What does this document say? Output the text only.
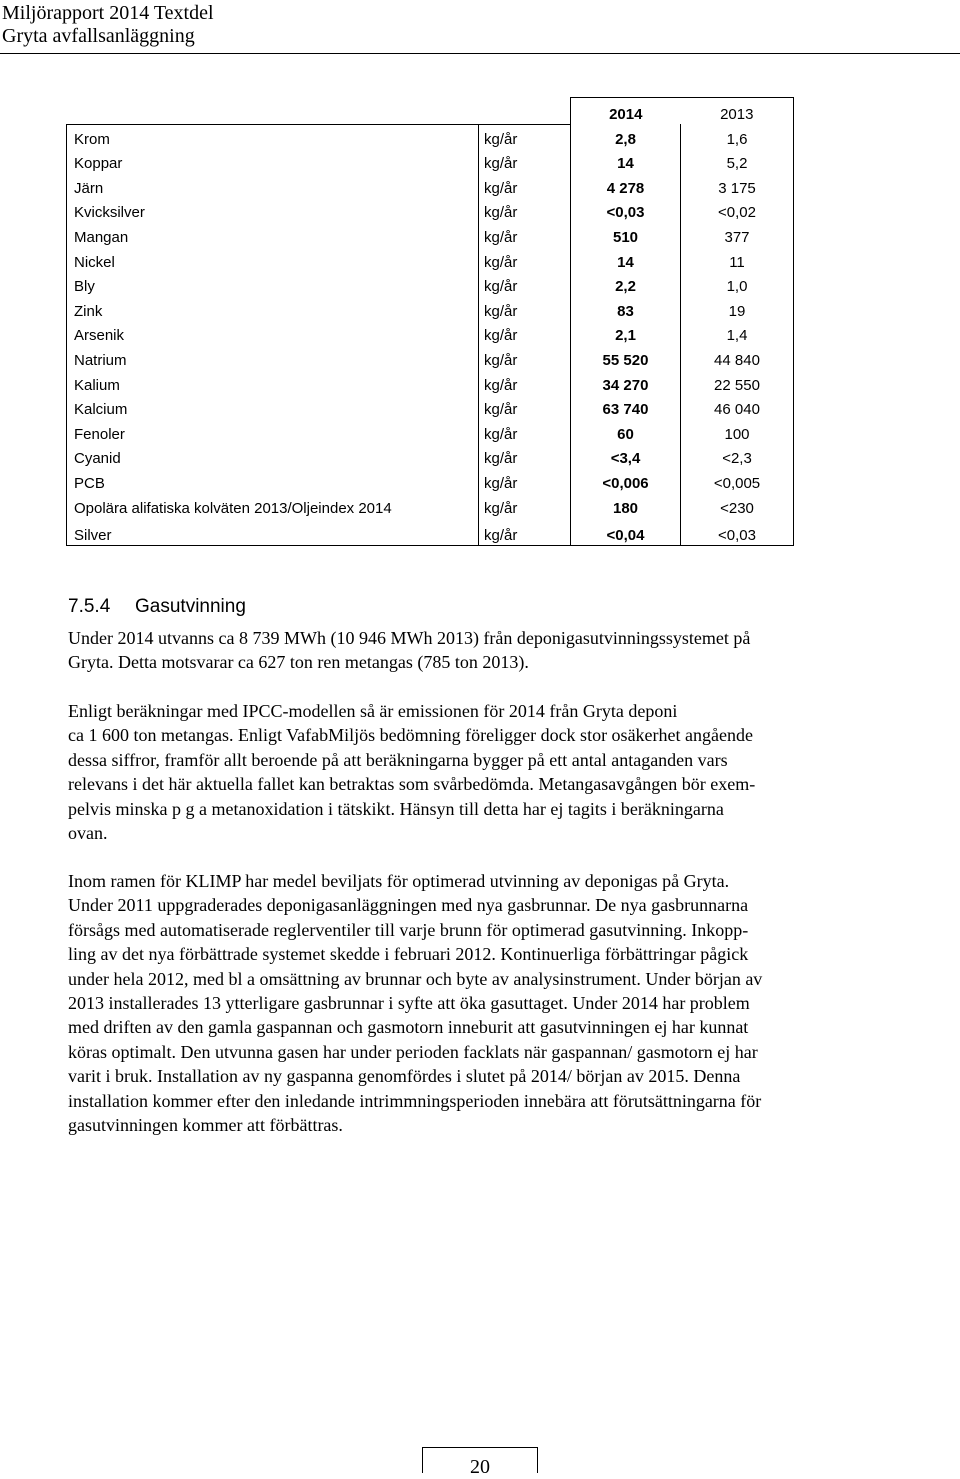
Miljörapport 2014 Textdel
Gryta avfallsanläggning
		2014	2013
Krom	kg/år	2,8	1,6
Koppar	kg/år	14	5,2
Järn	kg/år	4 278	3 175
Kvicksilver	kg/år	<0,03	<0,02
Mangan	kg/år	510	377
Nickel	kg/år	14	11
Bly	kg/år	2,2	1,0
Zink	kg/år	83	19
Arsenik	kg/år	2,1	1,4
Natrium	kg/år	55 520	44 840
Kalium	kg/år	34 270	22 550
Kalcium	kg/år	63 740	46 040
Fenoler	kg/år	60	100
Cyanid	kg/år	<3,4	<2,3
PCB	kg/år	<0,006	<0,005
Opolära alifatiska kolväten 2013/Oljeindex 2014	kg/år	180	<230
Silver	kg/år	<0,04	<0,03
7.5.4 Gasutvinning
Under 2014 utvanns ca 8 739 MWh (10 946 MWh 2013) från deponigasutvinningssystemet på
Gryta. Detta motsvarar ca 627 ton ren metangas (785 ton 2013).
Enligt beräkningar med IPCC-modellen så är emissionen för 2014 från Gryta deponi
ca 1 600 ton metangas. Enligt VafabMiljös bedömning föreligger dock stor osäkerhet angående
dessa siffror, framför allt beroende på att beräkningarna bygger på ett antal antaganden vars
relevans i det här aktuella fallet kan betraktas som svårbedömda. Metangasavgången bör exem-
pelvis minska p g a metanoxidation i tätskikt. Hänsyn till detta har ej tagits i beräkningarna
ovan.
Inom ramen för KLIMP har medel beviljats för optimerad utvinning av deponigas på Gryta.
Under 2011 uppgraderades deponigasanläggningen med nya gasbrunnar. De nya gasbrunnarna
försågs med automatiserade reglerventiler till varje brunn för optimerad gasutvinning. Inkopp-
ling av det nya förbättrade systemet skedde i februari 2012. Kontinuerliga förbättringar pågick
under hela 2012, med bl a omsättning av brunnar och byte av analysinstrument. Under början av
2013 installerades 13 ytterligare gasbrunnar i syfte att öka gasuttaget. Under 2014 har problem
med driften av den gamla gaspannan och gasmotorn inneburit att gasutvinningen ej har kunnat
köras optimalt. Den utvunna gasen har under perioden facklats när gaspannan/ gasmotorn ej har
varit i bruk. Installation av ny gaspanna genomfördes i slutet på 2014/ början av 2015. Denna
installation kommer efter den inledande intrimmningsperioden innebära att förutsättningarna för
gasutvinningen kommer att förbättras.
20
